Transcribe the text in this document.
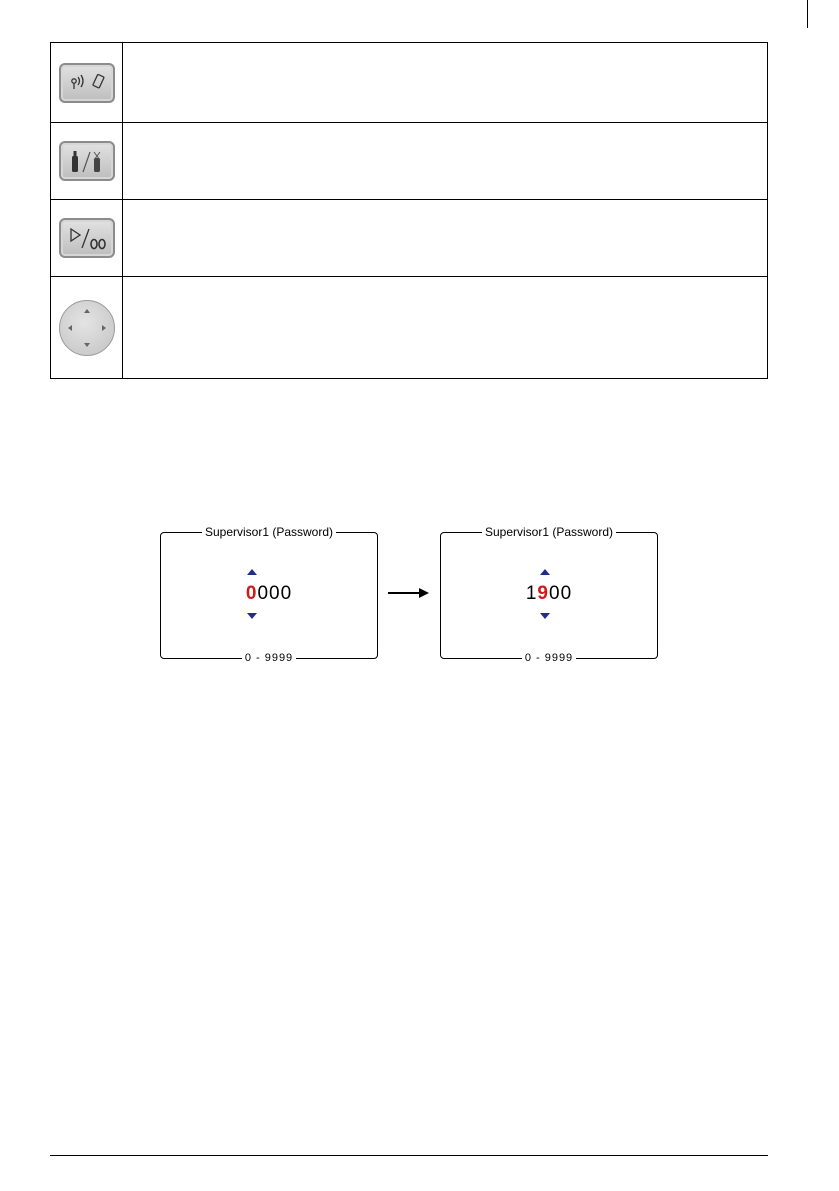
Supervisor1 (Password)
0000
0 - 9999
Supervisor1 (Password)
1900
0 - 9999
